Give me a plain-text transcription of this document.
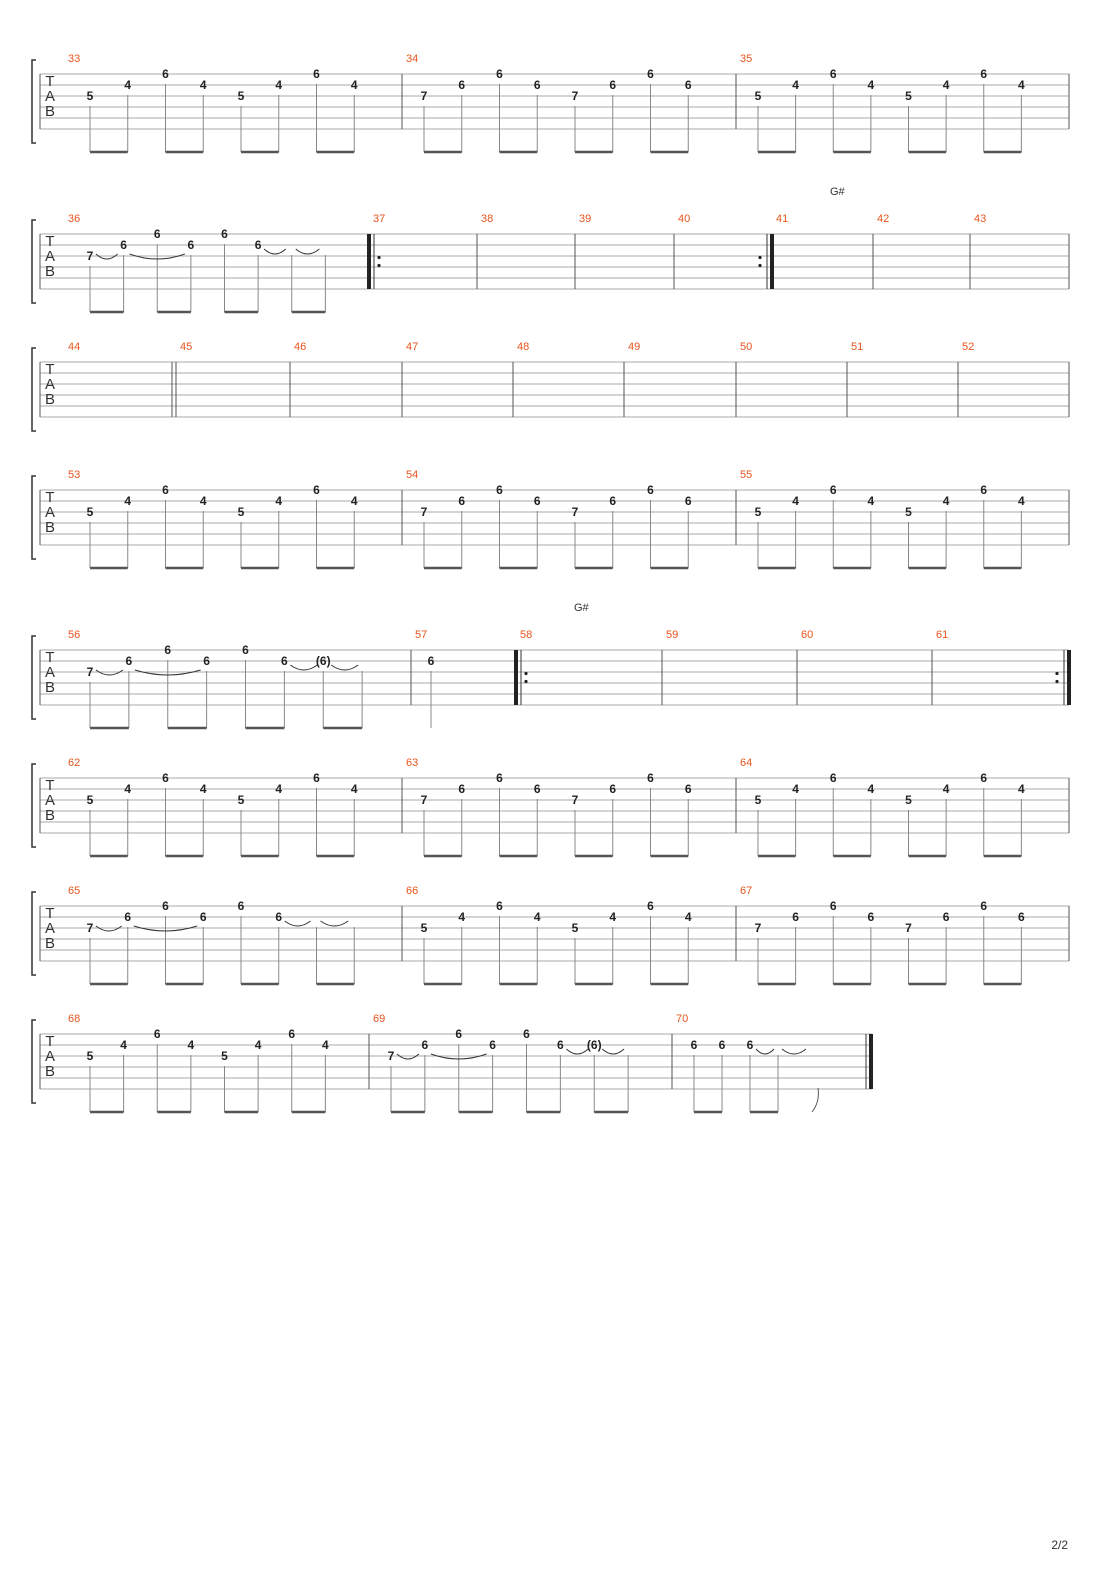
T
A
B
33
5
4
6
4
5
4
6
4
34
7
6
6
6
7
6
6
6
35
5
4
6
4
5
4
6
4
T
A
B
36
7
6
6
6
6
6
37	38	39	40	41
G#
42	43
T
A
B
44	45	46	47	48	49	50	51	52
T
A
B
53
5
4
6
4
5
4
6
4
54
7
6
6
6
7
6
6
6
55
5
4
6
4
5
4
6
4
T
A
B
56
7
6
6
6
6
6 (6)
57
6
58
G#
59	60	61
T
A
B
62
5
4
6
4
5
4
6
4
63
7
6
6
6
7
6
6
6
64
5
4
6
4
5
4
6
4
T
A
B
65
7
6
6
6
6
6
66
5
4
6
4
5
4
6
4
67
7
6
6
6
7
6
6
6
T
A
B
68
5
4
6
4
5
4
6
4
69
7
6
6
6
6
6 (6)
70
6 6 6
2/2
